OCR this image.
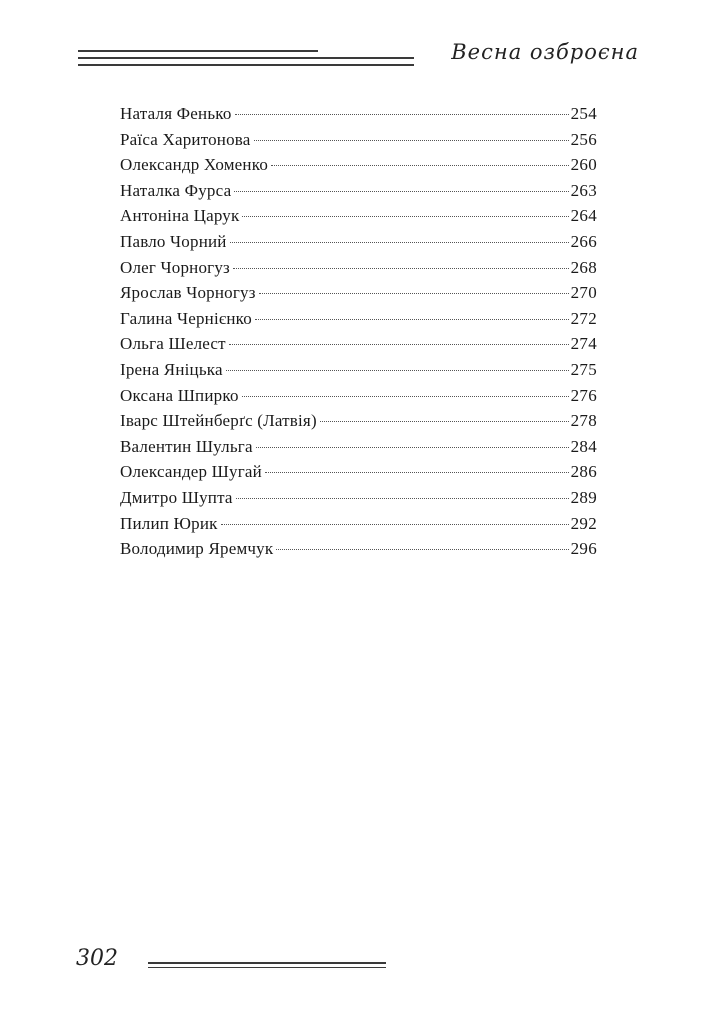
Весна озброєна
Наталя Фенько	254
Раїса Харитонова	256
Олександр Хоменко	260
Наталка Фурса	263
Антоніна Царук	264
Павло Чорний	266
Олег Чорногуз	268
Ярослав Чорногуз	270
Галина Чернієнко	272
Ольга Шелест	274
Ірена Яніцька	275
Оксана Шпирко	276
Іварс Штейнберґс (Латвія)	278
Валентин Шульга	284
Олександер Шугай	286
Дмитро Шупта	289
Пилип Юрик	292
Володимир Яремчук	296
302
